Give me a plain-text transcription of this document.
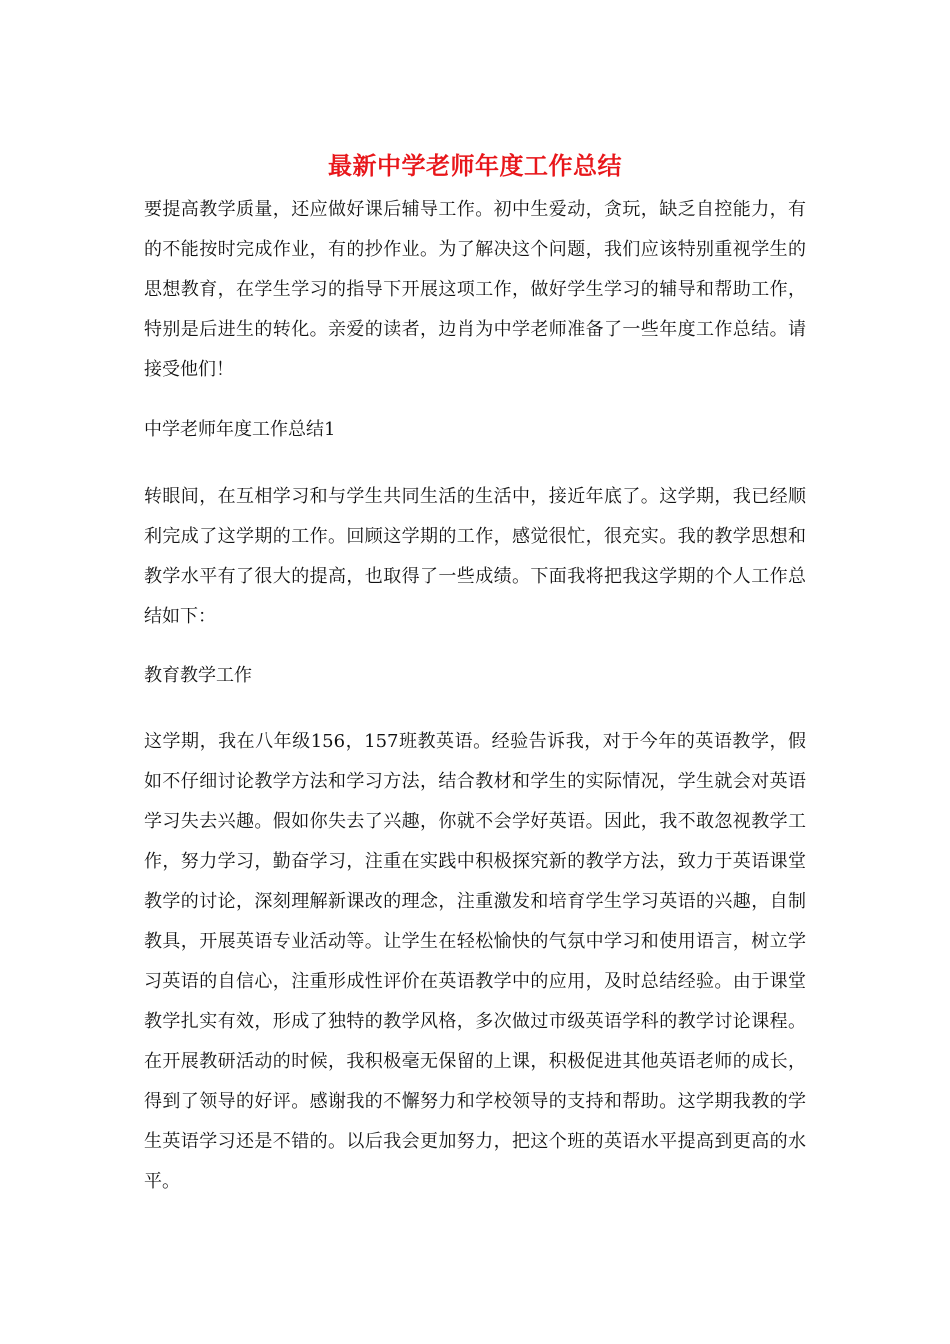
最新中学老师年度工作总结
要提高教学质量，还应做好课后辅导工作。初中生爱动，贪玩，缺乏自控能力，有的不能按时完成作业，有的抄作业。为了解决这个问题，我们应该特别重视学生的思想教育，在学生学习的指导下开展这项工作，做好学生学习的辅导和帮助工作，特别是后进生的转化。亲爱的读者，边肖为中学老师准备了一些年度工作总结。请接受他们！
中学老师年度工作总结1
转眼间，在互相学习和与学生共同生活的生活中，接近年底了。这学期，我已经顺利完成了这学期的工作。回顾这学期的工作，感觉很忙，很充实。我的教学思想和教学水平有了很大的提高，也取得了一些成绩。下面我将把我这学期的个人工作总结如下：
教育教学工作
这学期，我在八年级156，157班教英语。经验告诉我，对于今年的英语教学，假如不仔细讨论教学方法和学习方法，结合教材和学生的实际情况，学生就会对英语学习失去兴趣。假如你失去了兴趣，你就不会学好英语。因此，我不敢忽视教学工作，努力学习，勤奋学习，注重在实践中积极探究新的教学方法，致力于英语课堂教学的讨论，深刻理解新课改的理念，注重激发和培育学生学习英语的兴趣，自制教具，开展英语专业活动等。让学生在轻松愉快的气氛中学习和使用语言，树立学习英语的自信心，注重形成性评价在英语教学中的应用，及时总结经验。由于课堂教学扎实有效，形成了独特的教学风格，多次做过市级英语学科的教学讨论课程。在开展教研活动的时候，我积极毫无保留的上课，积极促进其他英语老师的成长，得到了领导的好评。感谢我的不懈努力和学校领导的支持和帮助。这学期我教的学生英语学习还是不错的。以后我会更加努力，把这个班的英语水平提高到更高的水平。
